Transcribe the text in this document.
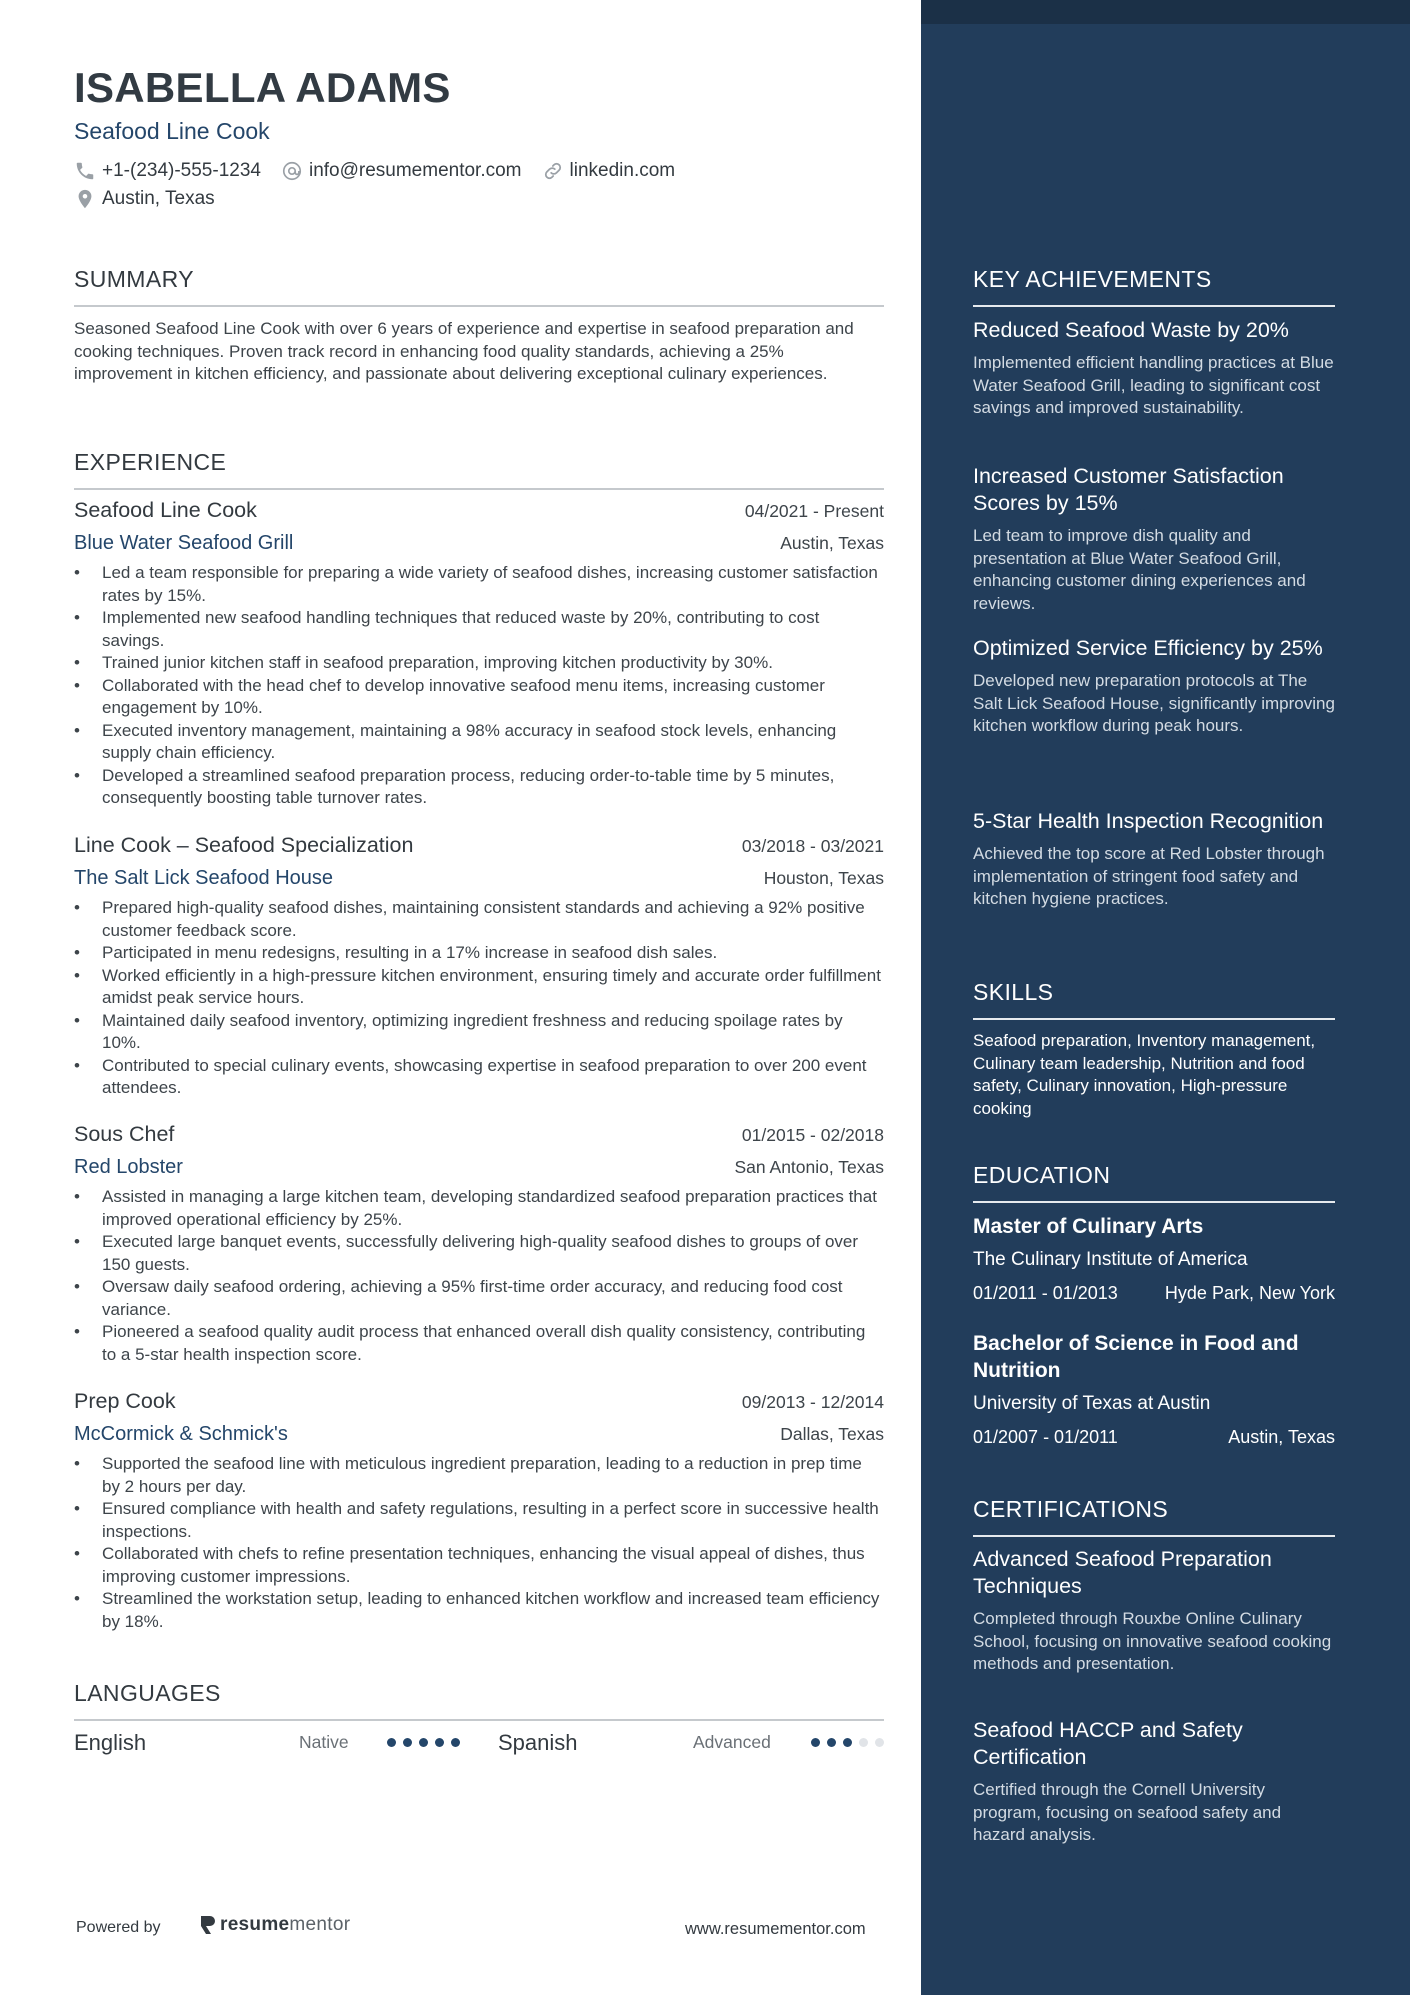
ISABELLA ADAMS
Seafood Line Cook
+1-(234)-555-1234	info@resumementor.com	linkedin.com
Austin, Texas
SUMMARY
Seasoned Seafood Line Cook with over 6 years of experience and expertise in seafood preparation and cooking techniques. Proven track record in enhancing food quality standards, achieving a 25% improvement in kitchen efficiency, and passionate about delivering exceptional culinary experiences.
EXPERIENCE
Seafood Line Cook	04/2021 - Present
Blue Water Seafood Grill	Austin, Texas
• Led a team responsible for preparing a wide variety of seafood dishes, increasing customer satisfaction rates by 15%.
• Implemented new seafood handling techniques that reduced waste by 20%, contributing to cost savings.
• Trained junior kitchen staff in seafood preparation, improving kitchen productivity by 30%.
• Collaborated with the head chef to develop innovative seafood menu items, increasing customer engagement by 10%.
• Executed inventory management, maintaining a 98% accuracy in seafood stock levels, enhancing supply chain efficiency.
• Developed a streamlined seafood preparation process, reducing order-to-table time by 5 minutes, consequently boosting table turnover rates.
Line Cook – Seafood Specialization	03/2018 - 03/2021
The Salt Lick Seafood House	Houston, Texas
• Prepared high-quality seafood dishes, maintaining consistent standards and achieving a 92% positive customer feedback score.
• Participated in menu redesigns, resulting in a 17% increase in seafood dish sales.
• Worked efficiently in a high-pressure kitchen environment, ensuring timely and accurate order fulfillment amidst peak service hours.
• Maintained daily seafood inventory, optimizing ingredient freshness and reducing spoilage rates by 10%.
• Contributed to special culinary events, showcasing expertise in seafood preparation to over 200 event attendees.
Sous Chef	01/2015 - 02/2018
Red Lobster	San Antonio, Texas
• Assisted in managing a large kitchen team, developing standardized seafood preparation practices that improved operational efficiency by 25%.
• Executed large banquet events, successfully delivering high-quality seafood dishes to groups of over 150 guests.
• Oversaw daily seafood ordering, achieving a 95% first-time order accuracy, and reducing food cost variance.
• Pioneered a seafood quality audit process that enhanced overall dish quality consistency, contributing to a 5-star health inspection score.
Prep Cook	09/2013 - 12/2014
McCormick & Schmick's	Dallas, Texas
• Supported the seafood line with meticulous ingredient preparation, leading to a reduction in prep time by 2 hours per day.
• Ensured compliance with health and safety regulations, resulting in a perfect score in successive health inspections.
• Collaborated with chefs to refine presentation techniques, enhancing the visual appeal of dishes, thus improving customer impressions.
• Streamlined the workstation setup, leading to enhanced kitchen workflow and increased team efficiency by 18%.
LANGUAGES
English	Native	Spanish	Advanced
Powered by	resume mentor	www.resumementor.com
KEY ACHIEVEMENTS
Reduced Seafood Waste by 20%
Implemented efficient handling practices at Blue Water Seafood Grill, leading to significant cost savings and improved sustainability.
Increased Customer Satisfaction Scores by 15%
Led team to improve dish quality and presentation at Blue Water Seafood Grill, enhancing customer dining experiences and reviews.
Optimized Service Efficiency by 25%
Developed new preparation protocols at The Salt Lick Seafood House, significantly improving kitchen workflow during peak hours.
5-Star Health Inspection Recognition
Achieved the top score at Red Lobster through implementation of stringent food safety and kitchen hygiene practices.
SKILLS
Seafood preparation, Inventory management, Culinary team leadership, Nutrition and food safety, Culinary innovation, High-pressure cooking
EDUCATION
Master of Culinary Arts
The Culinary Institute of America
01/2011 - 01/2013	Hyde Park, New York
Bachelor of Science in Food and Nutrition
University of Texas at Austin
01/2007 - 01/2011	Austin, Texas
CERTIFICATIONS
Advanced Seafood Preparation Techniques
Completed through Rouxbe Online Culinary School, focusing on innovative seafood cooking methods and presentation.
Seafood HACCP and Safety Certification
Certified through the Cornell University program, focusing on seafood safety and hazard analysis.
